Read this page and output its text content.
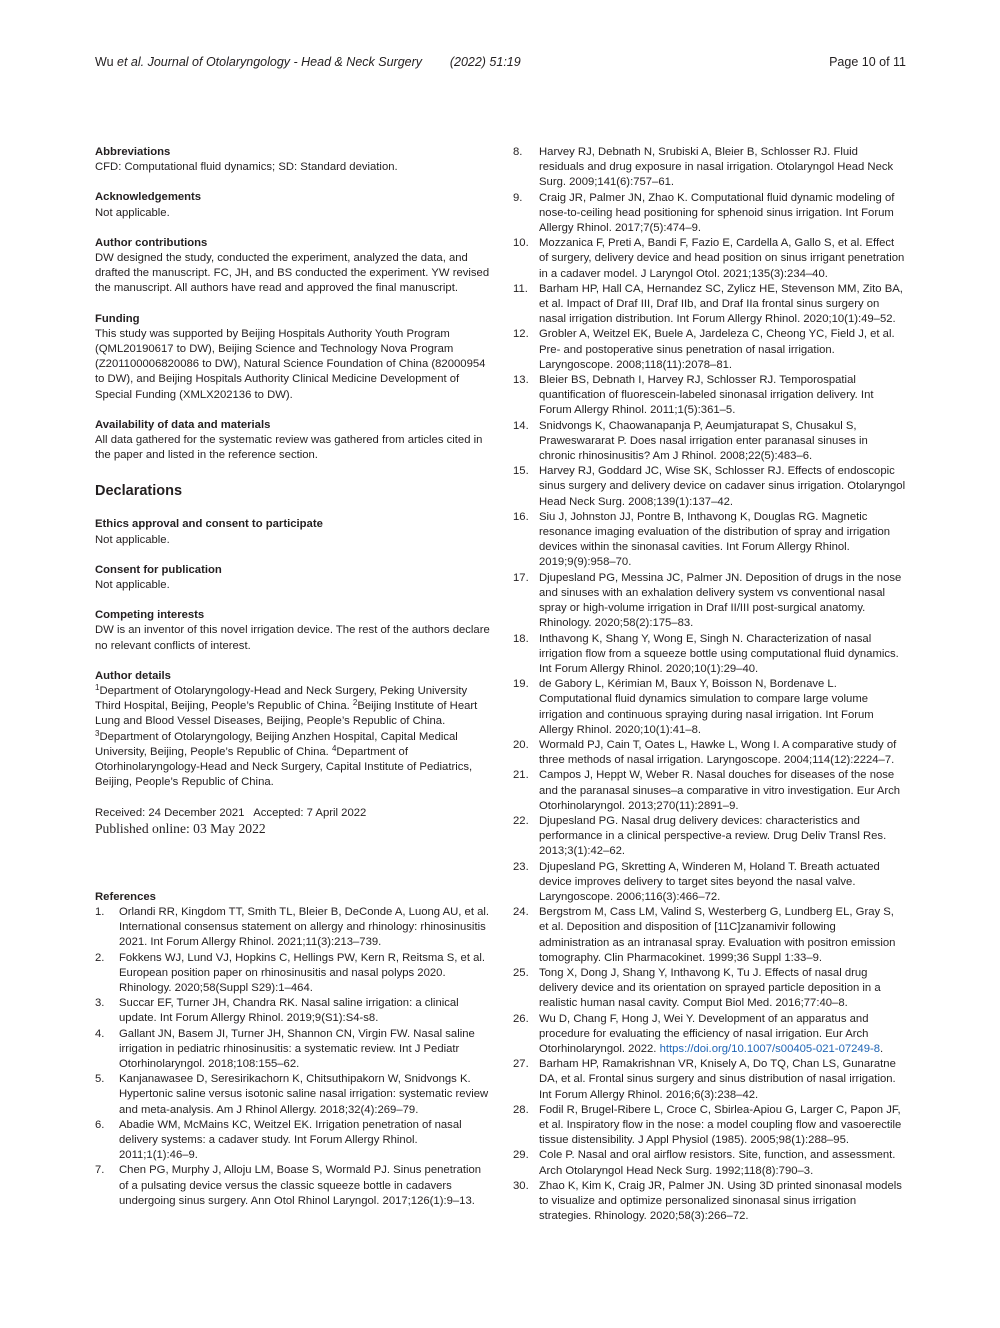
Wu et al. Journal of Otolaryngology - Head & Neck Surgery (2022) 51:19	Page 10 of 11
Abbreviations

CFD: Computational fluid dynamics; SD: Standard deviation.

Acknowledgements

Not applicable.

Author contributions

DW designed the study, conducted the experiment, analyzed the data, and drafted the manuscript. FC, JH, and BS conducted the experiment. YW revised the manuscript. All authors have read and approved the final manuscript.

Funding

This study was supported by Beijing Hospitals Authority Youth Program (QML20190617 to DW), Beijing Science and Technology Nova Program (Z201100006820086 to DW), Natural Science Foundation of China (82000954 to DW), and Beijing Hospitals Authority Clinical Medicine Development of Special Funding (XMLX202136 to DW).

Availability of data and materials

All data gathered for the systematic review was gathered from articles cited in the paper and listed in the reference section.

Declarations
Ethics approval and consent to participate

Not applicable.

Consent for publication

Not applicable.

Competing interests

DW is an inventor of this novel irrigation device. The rest of the authors declare no relevant conflicts of interest.

Author details

$^1$Department of Otolaryngology-Head and Neck Surgery, Peking University Third Hospital, Beijing, People’s Republic of China. $^2$Beijing Institute of Heart Lung and Blood Vessel Diseases, Beijing, People’s Republic of China. $^3$Department of Otolaryngology, Beijing Anzhen Hospital, Capital Medical University, Beijing, People’s Republic of China. $^4$Department of Otorhinolaryngology-Head and Neck Surgery, Capital Institute of Pediatrics, Beijing, People’s Republic of China.

Received: 24 December 2021   Accepted: 7 April 2022
Published online: 03 May 2022
References
1.	Orlandi RR, Kingdom TT, Smith TL, Bleier B, DeConde A, Luong AU, et al. International consensus statement on allergy and rhinology: rhinosinusitis 2021. Int Forum Allergy Rhinol. 2021;11(3):213–739.
2.	Fokkens WJ, Lund VJ, Hopkins C, Hellings PW, Kern R, Reitsma S, et al. European position paper on rhinosinusitis and nasal polyps 2020. Rhinology. 2020;58(Suppl S29):1–464.
3.	Succar EF, Turner JH, Chandra RK. Nasal saline irrigation: a clinical update. Int Forum Allergy Rhinol. 2019;9(S1):S4-s8.
4.	Gallant JN, Basem JI, Turner JH, Shannon CN, Virgin FW. Nasal saline irrigation in pediatric rhinosinusitis: a systematic review. Int J Pediatr Otorhinolaryngol. 2018;108:155–62.
5.	Kanjanawasee D, Seresirikachorn K, Chitsuthipakorn W, Snidvongs K. Hypertonic saline versus isotonic saline nasal irrigation: systematic review and meta-analysis. Am J Rhinol Allergy. 2018;32(4):269–79.
6.	Abadie WM, McMains KC, Weitzel EK. Irrigation penetration of nasal delivery systems: a cadaver study. Int Forum Allergy Rhinol. 2011;1(1):46–9.
7.	Chen PG, Murphy J, Alloju LM, Boase S, Wormald PJ. Sinus penetration of a pulsating device versus the classic squeeze bottle in cadavers undergoing sinus surgery. Ann Otol Rhinol Laryngol. 2017;126(1):9–13.
8.	Harvey RJ, Debnath N, Srubiski A, Bleier B, Schlosser RJ. Fluid residuals and drug exposure in nasal irrigation. Otolaryngol Head Neck Surg. 2009;141(6):757–61.
9.	Craig JR, Palmer JN, Zhao K. Computational fluid dynamic modeling of nose-to-ceiling head positioning for sphenoid sinus irrigation. Int Forum Allergy Rhinol. 2017;7(5):474–9.
10. Mozzanica F, Preti A, Bandi F, Fazio E, Cardella A, Gallo S, et al. Effect of surgery, delivery device and head position on sinus irrigant penetration in a cadaver model. J Laryngol Otol. 2021;135(3):234–40.
11. Barham HP, Hall CA, Hernandez SC, Zylicz HE, Stevenson MM, Zito BA, et al. Impact of Draf III, Draf IIb, and Draf IIa frontal sinus surgery on nasal irrigation distribution. Int Forum Allergy Rhinol. 2020;10(1):49–52.
12. Grobler A, Weitzel EK, Buele A, Jardeleza C, Cheong YC, Field J, et al. Pre- and postoperative sinus penetration of nasal irrigation. Laryngoscope. 2008;118(11):2078–81.
13. Bleier BS, Debnath I, Harvey RJ, Schlosser RJ. Temporospatial quantification of fluorescein-labeled sinonasal irrigation delivery. Int Forum Allergy Rhinol. 2011;1(5):361–5.
14. Snidvongs K, Chaowanapanja P, Aeumjaturapat S, Chusakul S, Praweswararat P. Does nasal irrigation enter paranasal sinuses in chronic rhinosinusitis? Am J Rhinol. 2008;22(5):483–6.
15. Harvey RJ, Goddard JC, Wise SK, Schlosser RJ. Effects of endoscopic sinus surgery and delivery device on cadaver sinus irrigation. Otolaryngol Head Neck Surg. 2008;139(1):137–42.
16. Siu J, Johnston JJ, Pontre B, Inthavong K, Douglas RG. Magnetic resonance imaging evaluation of the distribution of spray and irrigation devices within the sinonasal cavities. Int Forum Allergy Rhinol. 2019;9(9):958–70.
17. Djupesland PG, Messina JC, Palmer JN. Deposition of drugs in the nose and sinuses with an exhalation delivery system vs conventional nasal spray or high-volume irrigation in Draf II/III post-surgical anatomy. Rhinology. 2020;58(2):175–83.
18. Inthavong K, Shang Y, Wong E, Singh N. Characterization of nasal irrigation flow from a squeeze bottle using computational fluid dynamics. Int Forum Allergy Rhinol. 2020;10(1):29–40.
19. de Gabory L, Kérimian M, Baux Y, Boisson N, Bordenave L. Computational fluid dynamics simulation to compare large volume irrigation and continuous spraying during nasal irrigation. Int Forum Allergy Rhinol. 2020;10(1):41–8.
20. Wormald PJ, Cain T, Oates L, Hawke L, Wong I. A comparative study of three methods of nasal irrigation. Laryngoscope. 2004;114(12):2224–7.
21. Campos J, Heppt W, Weber R. Nasal douches for diseases of the nose and the paranasal sinuses–a comparative in vitro investigation. Eur Arch Otorhinolaryngol. 2013;270(11):2891–9.
22. Djupesland PG. Nasal drug delivery devices: characteristics and performance in a clinical perspective-a review. Drug Deliv Transl Res. 2013;3(1):42–62.
23. Djupesland PG, Skretting A, Winderen M, Holand T. Breath actuated device improves delivery to target sites beyond the nasal valve. Laryngoscope. 2006;116(3):466–72.
24. Bergstrom M, Cass LM, Valind S, Westerberg G, Lundberg EL, Gray S, et al. Deposition and disposition of [11C]zanamivir following administration as an intranasal spray. Evaluation with positron emission tomography. Clin Pharmacokinet. 1999;36 Suppl 1:33–9.
25. Tong X, Dong J, Shang Y, Inthavong K, Tu J. Effects of nasal drug delivery device and its orientation on sprayed particle deposition in a realistic human nasal cavity. Comput Biol Med. 2016;77:40–8.
26. Wu D, Chang F, Hong J, Wei Y. Development of an apparatus and procedure for evaluating the efficiency of nasal irrigation. Eur Arch Otorhinolaryngol. 2022. https://doi.org/10.1007/s00405-021-07249-8.
27. Barham HP, Ramakrishnan VR, Knisely A, Do TQ, Chan LS, Gunaratne DA, et al. Frontal sinus surgery and sinus distribution of nasal irrigation. Int Forum Allergy Rhinol. 2016;6(3):238–42.
28. Fodil R, Brugel-Ribere L, Croce C, Sbirlea-Apiou G, Larger C, Papon JF, et al. Inspiratory flow in the nose: a model coupling flow and vasoerectile tissue distensibility. J Appl Physiol (1985). 2005;98(1):288–95.
29. Cole P. Nasal and oral airflow resistors. Site, function, and assessment. Arch Otolaryngol Head Neck Surg. 1992;118(8):790–3.
30. Zhao K, Kim K, Craig JR, Palmer JN. Using 3D printed sinonasal models to visualize and optimize personalized sinonasal sinus irrigation strategies. Rhinology. 2020;58(3):266–72.
